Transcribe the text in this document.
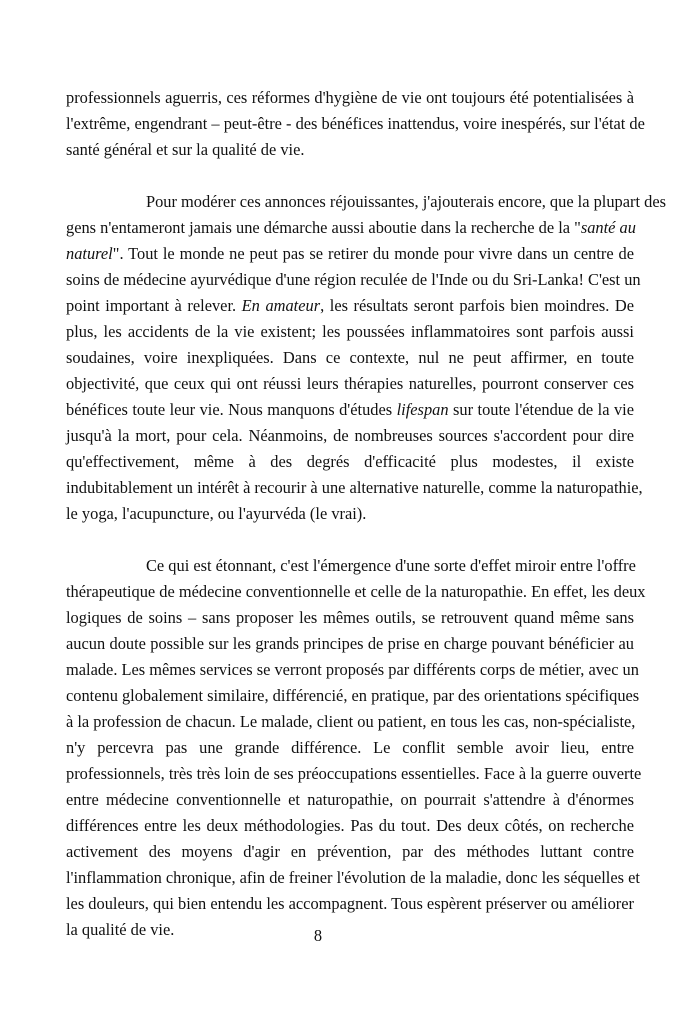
professionnels aguerris, ces réformes d'hygiène de vie ont toujours été potentialisées à
l'extrême, engendrant – peut-être - des bénéfices inattendus, voire inespérés, sur l'état de
santé général et sur la qualité de vie.
Pour modérer ces annonces réjouissantes, j'ajouterais encore, que la plupart des
gens n'entameront jamais une démarche aussi aboutie dans la recherche de la "santé au
naturel". Tout le monde ne peut pas se retirer du monde pour vivre dans un centre de
soins de médecine ayurvédique d'une région reculée de l'Inde ou du Sri-Lanka! C'est un
point important à relever. En amateur, les résultats seront parfois bien moindres. De
plus, les accidents de la vie existent; les poussées inflammatoires sont parfois aussi
soudaines, voire inexpliquées. Dans ce contexte, nul ne peut affirmer, en toute
objectivité, que ceux qui ont réussi leurs thérapies naturelles, pourront conserver ces
bénéfices toute leur vie. Nous manquons d'études lifespan sur toute l'étendue de la vie
jusqu'à la mort, pour cela. Néanmoins, de nombreuses sources s'accordent pour dire
qu'effectivement, même à des degrés d'efficacité plus modestes, il existe
indubitablement un intérêt à recourir à une alternative naturelle, comme la naturopathie,
le yoga, l'acupuncture, ou l'ayurvéda (le vrai).
Ce qui est étonnant, c'est l'émergence d'une sorte d'effet miroir entre l'offre
thérapeutique de médecine conventionnelle et celle de la naturopathie. En effet, les deux
logiques de soins – sans proposer les mêmes outils, se retrouvent quand même sans
aucun doute possible sur les grands principes de prise en charge pouvant bénéficier au
malade. Les mêmes services se verront proposés par différents corps de métier, avec un
contenu globalement similaire, différencié, en pratique, par des orientations spécifiques
à la profession de chacun. Le malade, client ou patient, en tous les cas, non-spécialiste,
n'y percevra pas une grande différence. Le conflit semble avoir lieu, entre
professionnels, très très loin de ses préoccupations essentielles. Face à la guerre ouverte
entre médecine conventionnelle et naturopathie, on pourrait s'attendre à d'énormes
différences entre les deux méthodologies. Pas du tout. Des deux côtés, on recherche
activement des moyens d'agir en prévention, par des méthodes luttant contre
l'inflammation chronique, afin de freiner l'évolution de la maladie, donc les séquelles et
les douleurs, qui bien entendu les accompagnent. Tous espèrent préserver ou améliorer
la qualité de vie.	8
